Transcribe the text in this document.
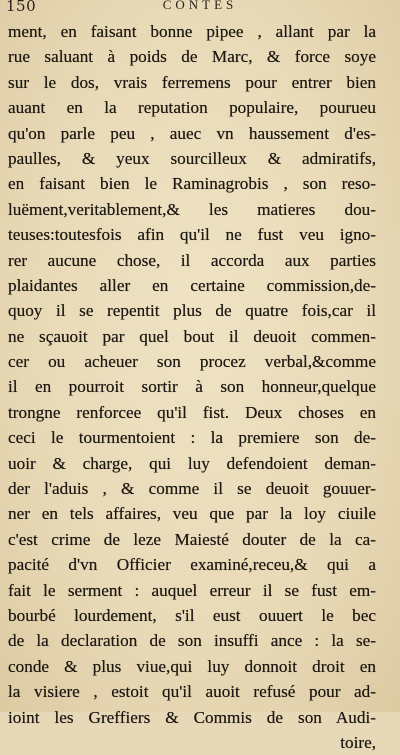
150	CONTES
ment, en faisant bonne pipee , allant par la
rue saluant à poids de Marc, & force soye
sur le dos, vrais ferremens pour entrer bien
auant en la reputation populaire, pourueu
qu'on parle peu , auec vn haussement d'es-
paulles, & yeux sourcilleux & admiratifs,
en faisant bien le Raminagrobis , son reso-
luëment,veritablement,& les matieres dou-
teuses:toutesfois afin qu'il ne fust veu igno-
rer aucune chose, il accorda aux parties
plaidantes aller en certaine commission,de-
quoy il se repentit plus de quatre fois,car il
ne sçauoit par quel bout il deuoit commen-
cer ou acheuer son procez verbal,&comme
il en pourroit sortir à son honneur,quelque
trongne renforcee qu'il fist. Deux choses en
ceci le tourmentoient : la premiere son de-
uoir & charge, qui luy defendoient deman-
der l'aduis , & comme il se deuoit gouuer-
ner en tels affaires, veu que par la loy ciuile
c'est crime de leze Maiesté douter de la ca-
pacité d'vn Officier examiné,receu,& qui a
fait le serment : auquel erreur il se fust em-
bourbé lourdement, s'il eust ouuert le bec
de la declaration de son insuffi ance : la se-
conde & plus viue,qui luy donnoit droit en
la visiere , estoit qu'il auoit refusé pour ad-
ioint les Greffiers & Commis de son Audi-
toire,
